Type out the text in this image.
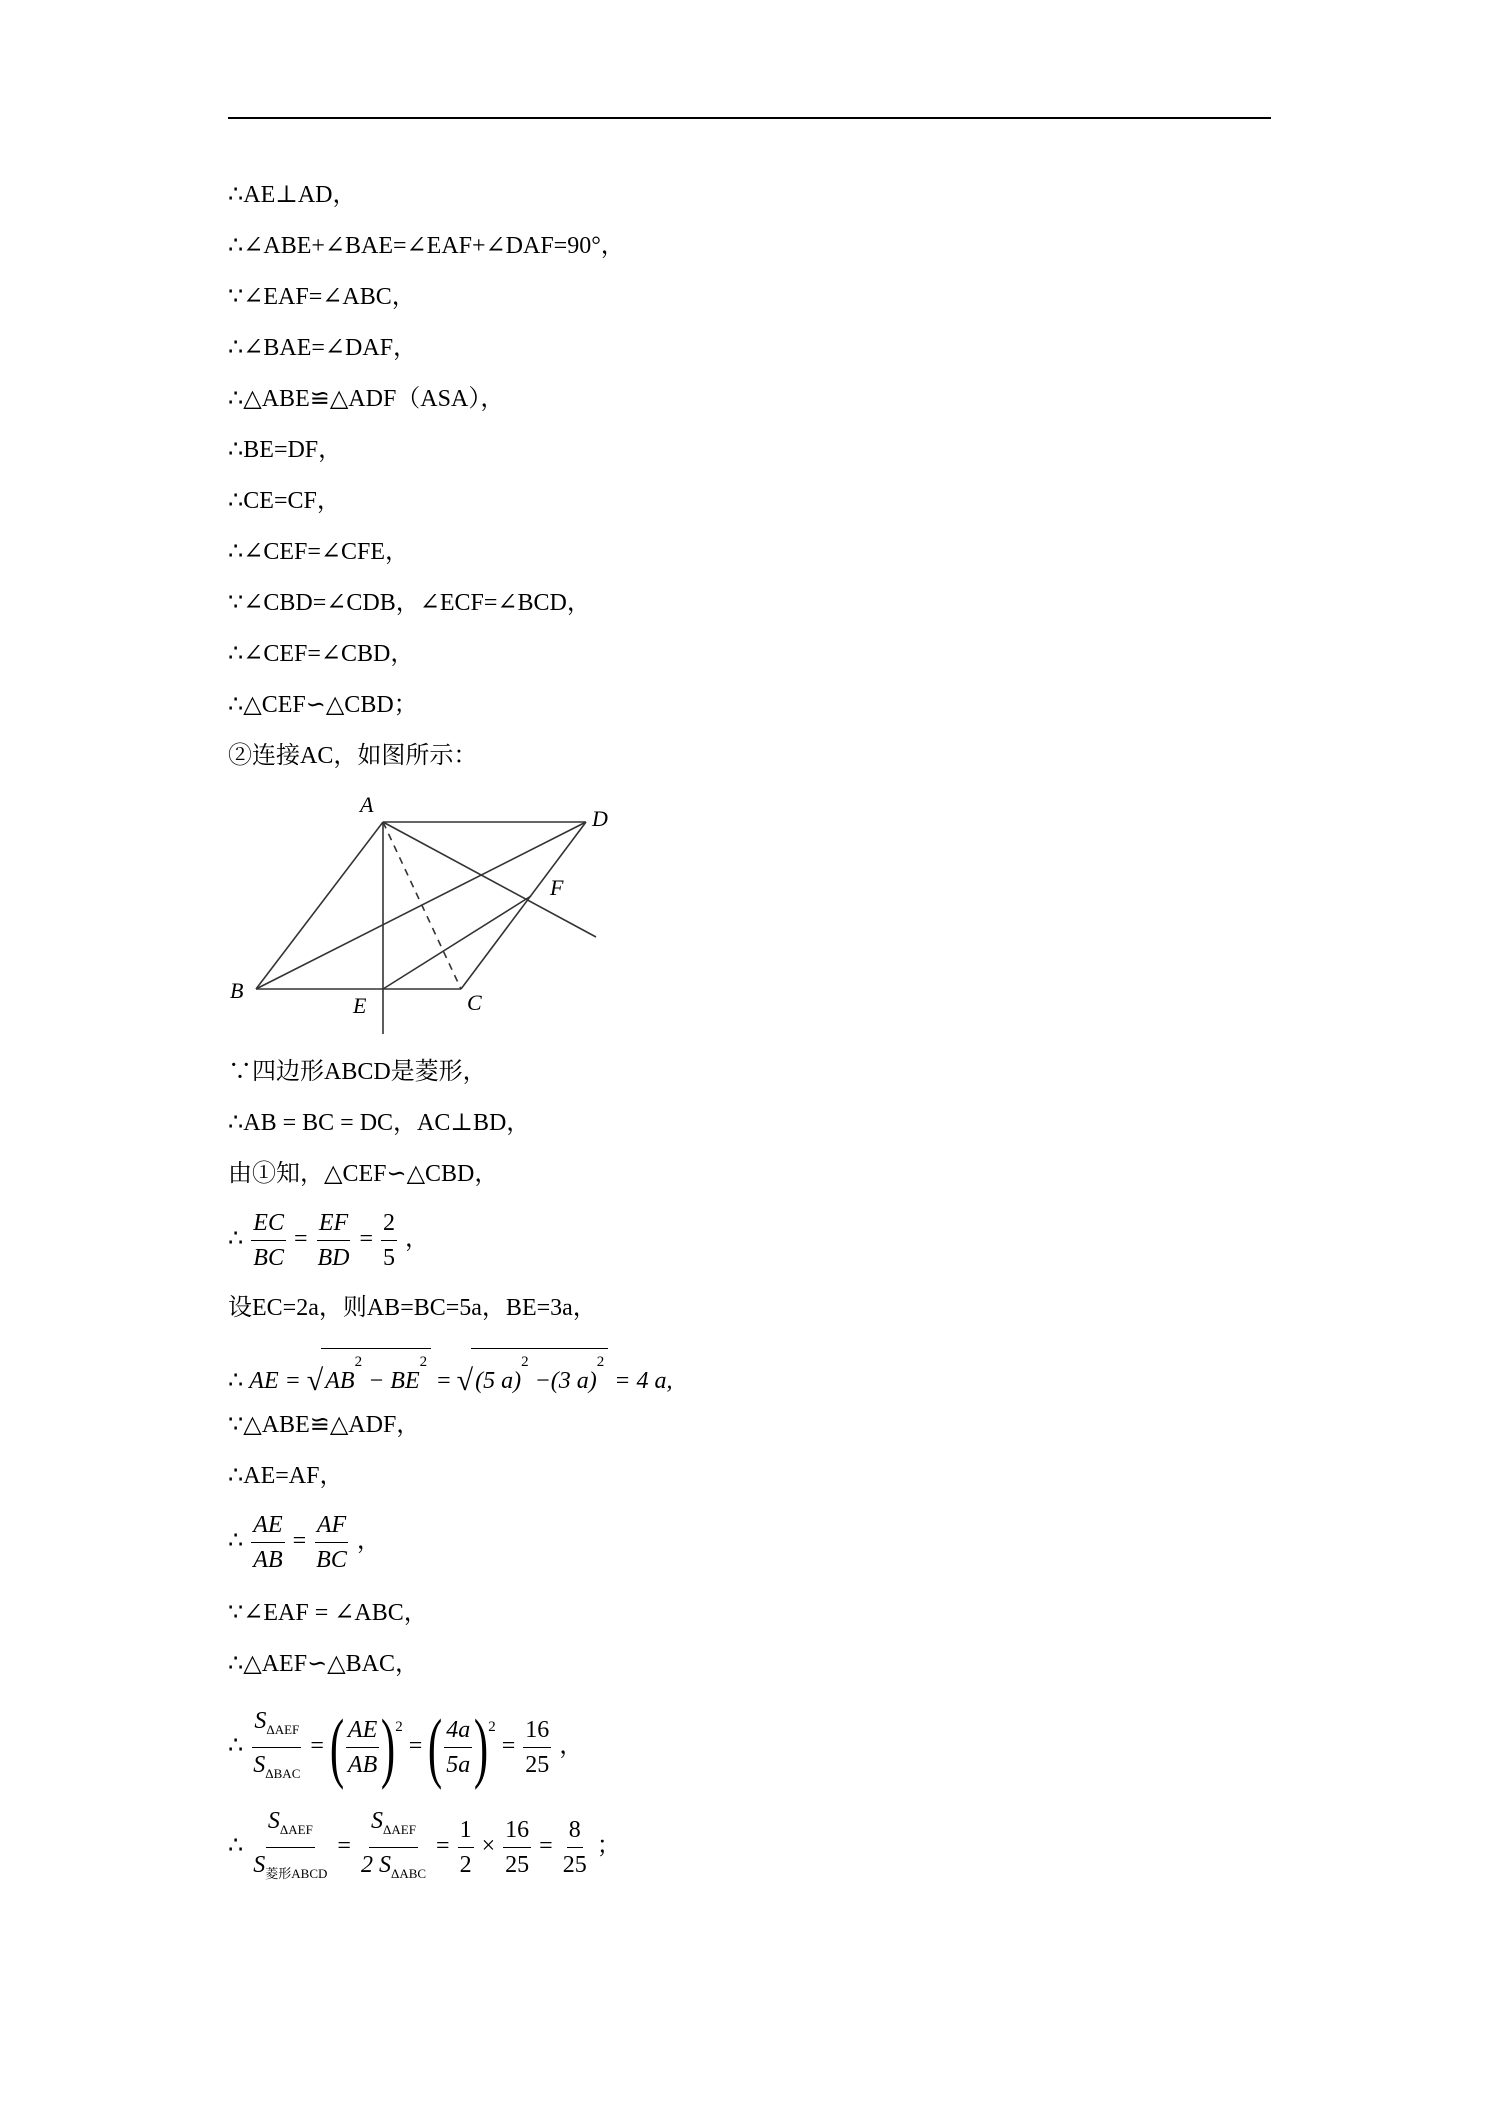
∴AE⊥AD，
∴∠ABE+∠BAE=∠EAF+∠DAF=90°，
∵∠EAF=∠ABC，
∴∠BAE=∠DAF，
∴△ABE≌△ADF（ASA），
∴BE=DF，
∴CE=CF，
∴∠CEF=∠CFE，
∵∠CBD=∠CDB，∠ECF=∠BCD，
∴∠CEF=∠CBD，
∴△CEF∽△CBD；
②连接AC，如图所示：
A
D
F
B
E	C
∵四边形ABCD是菱形，
∴AB = BC = DC，AC⊥BD，
由①知，△CEF∽△CBD，
∴ $\frac{EC}{BC} = \frac{EF}{BD} = \frac{2}{5}$ ，
设EC=2a，则AB=BC=5a，BE=3a，
∴ AE = $√AB^2 - BE^2 = √(5$ a)$^2$ −(3 a)$^2$ = 4 a,
∵△ABE≌△ADF，
∴AE=AF，
∴ $\frac{AE}{AB} = \frac{AF}{BC}$ ，
∵∠EAF = ∠ABC，
∴△AEF∽△BAC，
∴ $\frac{S_{\Delta AEF}}{S_{\Delta BAC}}$ = ( $\frac{AE}{AB} )^2$ = ( $\frac{4a}{5a} )^2 = \frac{16}{25}$ ，
∴ $\frac{S_{\Delta AEF}}{S_{菱形ABCD}} = \frac{S_{\Delta AEF}}{2 S_{\Delta ABC}} = \frac{1}{2} \times \frac{16}{25} = \frac{8}{25}$ ；
